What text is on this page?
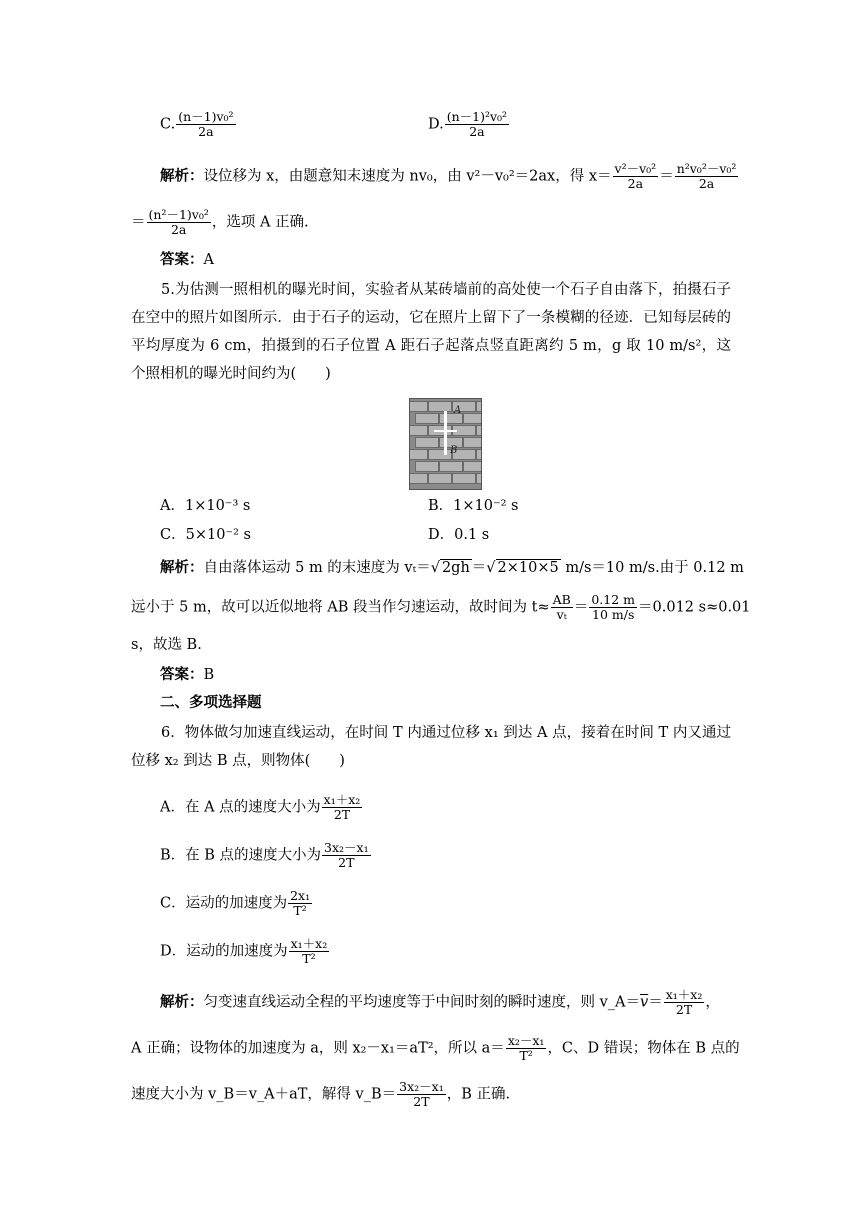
C. $\frac{\text{(n－1)v₀²}}{2a}$	D. $\frac{\text{(n－1)²v₀²}}{2a}$
解析：设位移为 x，由题意知末速度为 nv₀，由 v²－v₀²＝2ax，得 $x= \frac{\text{v²－v₀²}}{2a} = \frac{\text{n²v₀²－v₀²}}{2a}$
＝ $\frac{\text{(n²－1)v₀²}}{2a}$ ，选项 A 正确.
答案：A
5.为估测一照相机的曝光时间，实验者从某砖墙前的高处使一个石子自由落下，拍摄石子在空中的照片如图所示．由于石子的运动，它在照片上留下了一条模糊的径迹．已知每层砖的平均厚度为 6 cm，拍摄到的石子位置 A 距石子起落点竖直距离约 5 m，g 取 10 m/s²，这个照相机的曝光时间约为(　　)
A
B
A．1×10⁻³ s	B．1×10⁻² s
C．5×10⁻² s	D．0.1 s
解析：自由落体运动 5 m 的末速度为 vₜ＝√ 2gh ＝√ 2×10×5 m/s＝10 m/s.由于 0.12 m
远小于 5 m，故可以近似地将 AB 段当作匀速运动，故时间为 $t\approx \frac{AB}{\text{vₜ}} = \frac{0.12 m}{10 m/s} =0.012$ s≈0.01
s，故选 B.
答案：B
二、多项选择题
6．物体做匀加速直线运动，在时间 T 内通过位移 x₁ 到达 A 点，接着在时间 T 内又通过位移 x₂ 到达 B 点，则物体(　　)
A．在 A 点的速度大小为 $\frac{\text{x₁＋x₂}}{2T}$
B．在 B 点的速度大小为 $\frac{\text{3x₂－x₁}}{2T}$
C．运动的加速度为 $\frac{\text{2x₁}}{\text{T²}}$
D．运动的加速度为 $\frac{\text{x₁＋x₂}}{\text{T²}}$
解析：匀变速直线运动全程的平均速度等于中间时刻的瞬时速度，则 $v\_A=\overline{v}= \frac{\text{x₁＋x₂}}{2T}$ ，
A 正确；设物体的加速度为 a，则 x₂－x₁＝aT²，所以 $a= \frac{\text{x₂－x₁}}{\text{T²}}$ ，C、D 错误；物体在 B 点的
速度大小为 v_B＝v_A＋aT，解得 v_B＝ $\frac{\text{3x₂－x₁}}{2T}$ ，B 正确.
